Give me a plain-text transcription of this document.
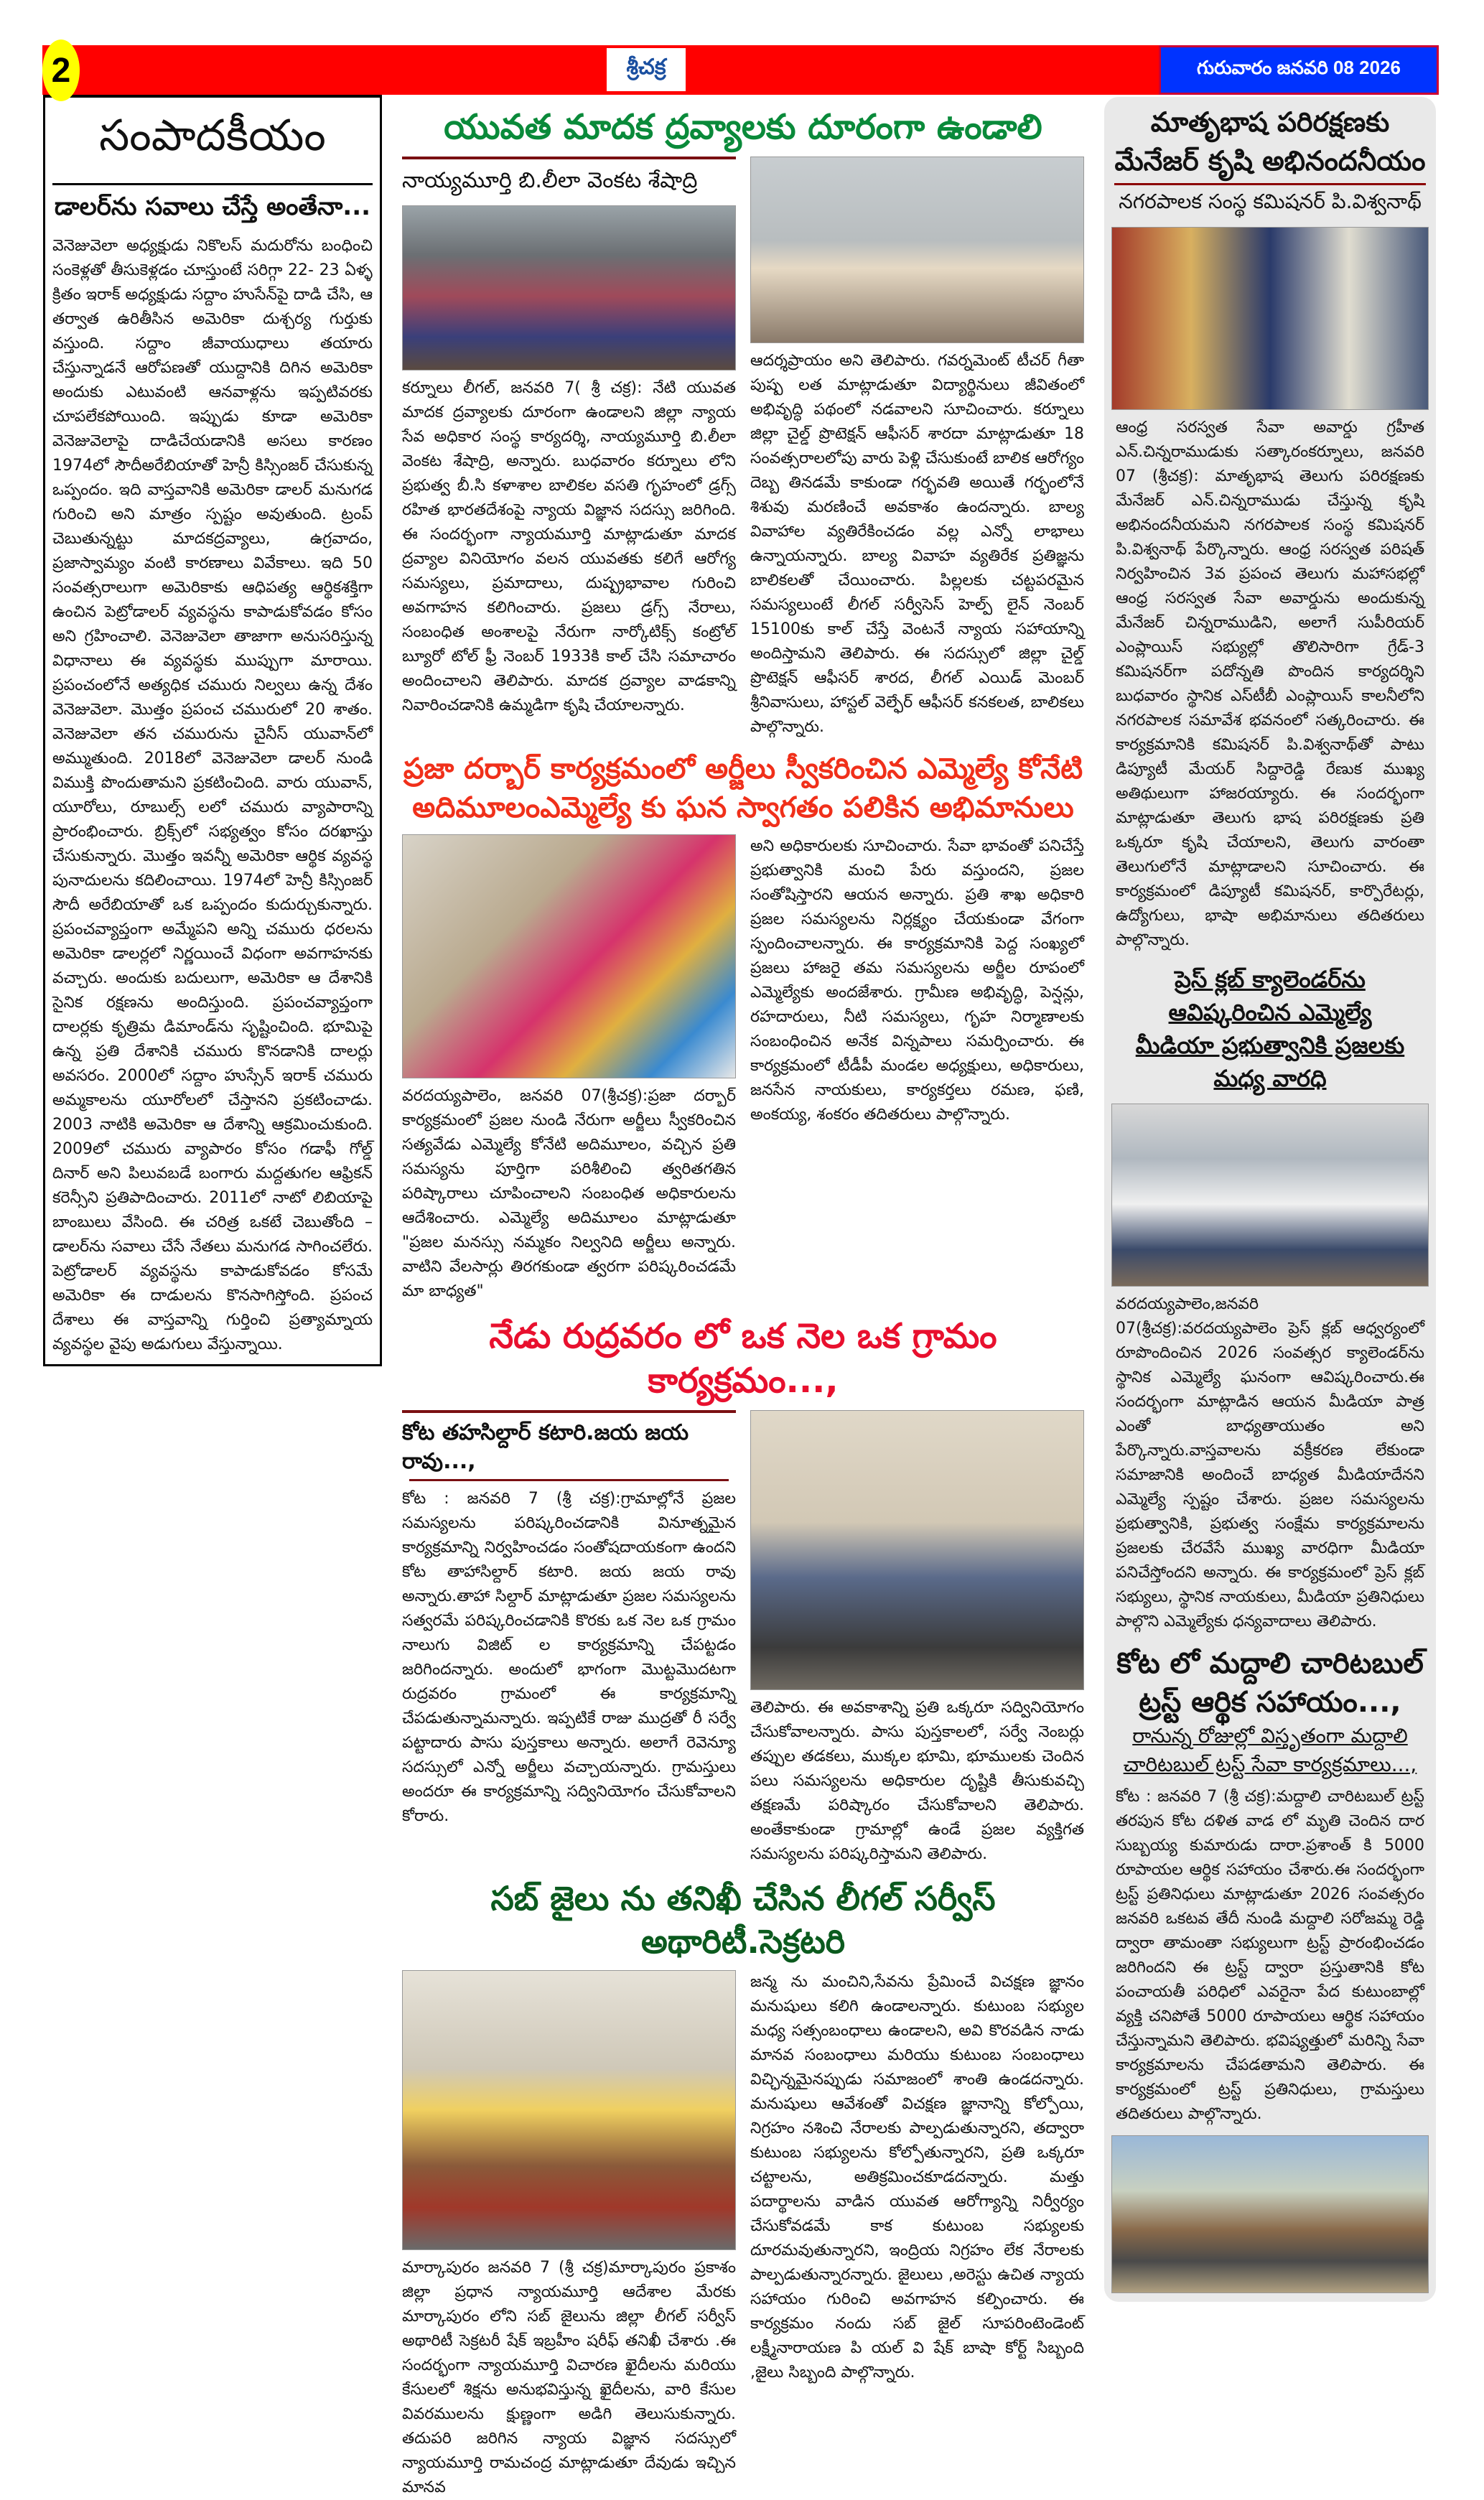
2	శ్రీచక్ర	గురువారం జనవరి 08 2026
సంపాదకీయం
డాలర్‌ను సవాలు చేస్తే అంతేనా...
వెనెజువెలా అధ్యక్షుడు నికొలస్ మదురోను బంధించి సంకెళ్లతో తీసుకెళ్లడం చూస్తుంటే సరిగ్గా 22- 23 ఏళ్ళ క్రితం ఇరాక్ అధ్యక్షుడు సద్దాం హుసేన్‌పై దాడి చేసి, ఆ తర్వాత ఉరితీసిన అమెరికా దుశ్చర్య గుర్తుకు వస్తుంది. సద్దాం జీవాయుధాలు తయారు చేస్తున్నాడనే ఆరోపణతో యుద్దానికి దిగిన అమెరికా అందుకు ఎటువంటి ఆనవాళ్లను ఇప్పటివరకు చూపలేకపోయింది. ఇప్పుడు కూడా అమెరికా వెనెజువెలాపై దాడిచేయడానికి అసలు కారణం 1974లో సౌదీఅరేబియాతో హెన్రీ కిస్సింజర్ చేసుకున్న ఒప్పందం. ఇది వాస్తవానికి అమెరికా డాలర్ మనుగడ గురించి అని మాత్రం స్పష్టం అవుతుంది. ట్రంప్ చెబుతున్నట్టు మాదకద్రవ్యాలు, ఉగ్రవాదం, ప్రజాస్వామ్యం వంటి కారణాలు వివేకాలు. ఇది 50 సంవత్సరాలుగా అమెరికాకు ఆధిపత్య ఆర్థికశక్తిగా ఉంచిన పెట్రోడాలర్ వ్యవస్థను కాపాడుకోవడం కోసం అని గ్రహించాలి. వెనెజువెలా తాజాగా అనుసరిస్తున్న విధానాలు ఈ వ్యవస్థకు ముప్పుగా మారాయి. ప్రపంచంలోనే అత్యధిక చమురు నిల్వలు ఉన్న దేశం వెనెజువెలా. మొత్తం ప్రపంచ చమురులో 20 శాతం. వెనెజువెలా తన చమురును చైనీస్ యువాన్‌లో అమ్ముతుంది. 2018లో వెనెజువెలా డాలర్ నుండి విముక్తి పొందుతామని ప్రకటించింది. వారు యువాన్, యూరోలు, రూబుల్స్ లలో చమురు వ్యాపారాన్ని ప్రారంభించారు. బ్రిక్స్‌లో సభ్యత్వం కోసం దరఖాస్తు చేసుకున్నారు. మొత్తం ఇవన్నీ అమెరికా ఆర్థిక వ్యవస్థ పునాదులను కదిలించాయి. 1974లో హెన్రీ కిస్సింజర్ సౌదీ అరేబియాతో ఒక ఒప్పందం కుదుర్చుకున్నారు. ప్రపంచవ్యాప్తంగా అమ్మేపని అన్ని చమురు ధరలను అమెరికా డాలర్లలో నిర్ణయించే విధంగా అవగాహనకు వచ్చారు. అందుకు బదులుగా, అమెరికా ఆ దేశానికి సైనిక రక్షణను అందిస్తుంది. ప్రపంచవ్యాప్తంగా దాలర్లకు కృత్రిమ డిమాండ్‌ను సృష్టించింది. భూమిపై ఉన్న ప్రతి దేశానికి చమురు కొనడానికి దాలర్లు అవసరం. 2000లో సద్దాం హుస్సేన్ ఇరాక్ చమురు అమ్మకాలను యూరోలలో చేస్తానని ప్రకటించాడు. 2003 నాటికి అమెరికా ఆ దేశాన్ని ఆక్రమించుకుంది. 2009లో చమురు వ్యాపారం కోసం గడాఫీ గోల్డ్ దినార్ అని పిలువబడే బంగారు మద్దతుగల ఆఫ్రికన్ కరెన్సీని ప్రతిపాదించారు. 2011లో నాటో లిబియాపై బాంబులు వేసింది. ఈ చరిత్ర ఒకటే చెబుతోంది – డాలర్‌ను సవాలు చేసే నేతలు మనుగడ సాగించలేరు. పెట్రోడాలర్ వ్యవస్థను కాపాడుకోవడం కోసమే అమెరికా ఈ దాడులను కొనసాగిస్తోంది. ప్రపంచ దేశాలు ఈ వాస్తవాన్ని గుర్తించి ప్రత్యామ్నాయ వ్యవస్థల వైపు అడుగులు వేస్తున్నాయి.
యువత మాదక ద్రవ్యాలకు దూరంగా ఉండాలి
నాయ్యమూర్తి బి.లీలా వెంకట శేషాద్రి
కర్నూలు లీగల్, జనవరి 7( శ్రీ చక్ర): నేటి యువత మాదక ద్రవ్యాలకు దూరంగా ఉండాలని జిల్లా న్యాయ సేవ అధికార సంస్థ కార్యదర్శి, నాయ్యమూర్తి బి.లీలా వెంకట శేషాద్రి, అన్నారు. బుధవారం కర్నూలు లోని ప్రభుత్వ బీ.సి కళాశాల బాలికల వసతి గృహంలో డ్రగ్స్ రహిత భారతదేశంపై న్యాయ విజ్ఞాన సదస్సు జరిగింది. ఈ సందర్భంగా న్యాయమూర్తి మాట్లాడుతూ మాదక ద్రవ్యాల వినియోగం వలన యువతకు కలిగే ఆరోగ్య సమస్యలు, ప్రమాదాలు, దుష్ప్రభావాల గురించి అవగాహన కలిగించారు. ప్రజలు డ్రగ్స్ నేరాలు, సంబంధిత అంశాలపై నేరుగా నార్కోటిక్స్ కంట్రోల్ బ్యూరో టోల్ ఫ్రీ నెంబర్ 1933కి కాల్ చేసి సమాచారం అందించాలని తెలిపారు. మాదక ద్రవ్యాల వాడకాన్ని నివారించడానికి ఉమ్మడిగా కృషి చేయాలన్నారు.
ఆదర్శప్రాయం అని తెలిపారు. గవర్నమెంట్ టీచర్ గీతా పుష్ప లత మాట్లాడుతూ విద్యార్థినులు జీవితంలో అభివృద్ధి పథంలో నడవాలని సూచించారు. కర్నూలు జిల్లా చైల్డ్ ప్రొటెక్షన్ ఆఫీసర్ శారదా మాట్లాడుతూ 18 సంవత్సరాలలోపు వారు పెళ్లి చేసుకుంటే బాలిక ఆరోగ్యం దెబ్బ తినడమే కాకుండా గర్భవతి అయితే గర్భంలోనే శిశువు మరణించే అవకాశం ఉందన్నారు. బాల్య వివాహాల వ్యతిరేకించడం వల్ల ఎన్నో లాభాలు ఉన్నాయన్నారు. బాల్య వివాహ వ్యతిరేక ప్రతిజ్ఞను బాలికలతో చేయించారు. పిల్లలకు చట్టపరమైన సమస్యలుంటే లీగల్ సర్వీసెస్ హెల్ప్ లైన్ నెంబర్ 15100కు కాల్ చేస్తే వెంటనే న్యాయ సహాయాన్ని అందిస్తామని తెలిపారు. ఈ సదస్సులో జిల్లా చైల్డ్ ప్రొటెక్షన్ ఆఫీసర్ శారద, లీగల్ ఎయిడ్ మెంబర్ శ్రీనివాసులు, హాస్టల్ వెల్ఫేర్ ఆఫీసర్ కనకలత, బాలికలు పాల్గొన్నారు.
ప్రజా దర్బార్ కార్యక్రమంలో అర్జీలు స్వీకరించిన ఎమ్మెల్యే కోనేటి
అదిమూలంఎమ్మెల్యే కు ఘన స్వాగతం పలికిన అభిమానులు
వరదయ్యపాలెం, జనవరి 07(శ్రీచక్ర):ప్రజా దర్బార్ కార్యక్రమంలో ప్రజల నుండి నేరుగా అర్జీలు స్వీకరించిన సత్యవేడు ఎమ్మెల్యే కోనేటి అదిమూలం, వచ్చిన ప్రతి సమస్యను పూర్తిగా పరిశీలించి త్వరితగతిన పరిష్కారాలు చూపించాలని సంబంధిత అధికారులను ఆదేశించారు. ఎమ్మెల్యే అదిమూలం మాట్లాడుతూ "ప్రజల మనస్సు నమ్మకం నిల్వనిది అర్జీలు అన్నారు. వాటిని వేలసార్లు తిరగకుండా త్వరగా పరిష్కరించడమే మా బాధ్యత"
అని అధికారులకు సూచించారు. సేవా భావంతో పనిచేస్తే ప్రభుత్వానికి మంచి పేరు వస్తుందని, ప్రజల సంతోషిస్తారని ఆయన అన్నారు. ప్రతి శాఖ అధికారి ప్రజల సమస్యలను నిర్లక్ష్యం చేయకుండా వేగంగా స్పందించాలన్నారు. ఈ కార్యక్రమానికి పెద్ద సంఖ్యలో ప్రజలు హాజరై తమ సమస్యలను అర్జీల రూపంలో ఎమ్మెల్యేకు అందజేశారు. గ్రామీణ అభివృద్ధి, పెన్షన్లు, రహదారులు, నీటి సమస్యలు, గృహ నిర్మాణాలకు సంబంధించిన అనేక విన్నపాలు సమర్పించారు. ఈ కార్యక్రమంలో టీడీపీ మండల అధ్యక్షులు, అధికారులు, జనసేన నాయకులు, కార్యకర్తలు రమణ, ఫణి, అంకయ్య, శంకరం తదితరులు పాల్గొన్నారు.
నేడు రుద్రవరం లో ఒక నెల ఒక గ్రామం కార్యక్రమం...,
కోట తహసిల్దార్ కటారి.జయ జయ రావు...,
కోట : జనవరి 7 (శ్రీ చక్ర):గ్రామాల్లోనే ప్రజల సమస్యలను పరిష్కరించడానికి వినూత్నమైన కార్యక్రమాన్ని నిర్వహించడం సంతోషదాయకంగా ఉందని కోట తాహాసిల్దార్ కటారి. జయ జయ రావు అన్నారు.తాహా సిల్దార్ మాట్లాడుతూ ప్రజల సమస్యలను సత్వరమే పరిష్కరించడానికి కొరకు ఒక నెల ఒక గ్రామం నాలుగు విజిట్ ల కార్యక్రమాన్ని చేపట్టడం జరిగిందన్నారు. అందులో భాగంగా మొట్టమొదటగా రుద్రవరం గ్రామంలో ఈ కార్యక్రమాన్ని చేపడుతున్నామన్నారు. ఇప్పటికే రాజు ముద్రతో రీ సర్వే పట్టాదారు పాసు పుస్తకాలు అన్నారు. అలాగే రెవెన్యూ సదస్సులో ఎన్నో అర్జీలు వచ్చాయన్నారు. గ్రామస్తులు అందరూ ఈ కార్యక్రమాన్ని సద్వినియోగం చేసుకోవాలని కోరారు.
తెలిపారు. ఈ అవకాశాన్ని ప్రతి ఒక్కరూ సద్వినియోగం చేసుకోవాలన్నారు. పాసు పుస్తకాలలో, సర్వే నెంబర్లు తప్పుల తడకలు, ముక్కల భూమి, భూములకు చెందిన పలు సమస్యలను అధికారుల దృష్టికి తీసుకువచ్చి తక్షణమే పరిష్కారం చేసుకోవాలని తెలిపారు. అంతేకాకుండా గ్రామాల్లో ఉండే ప్రజల వ్యక్తిగత సమస్యలను పరిష్కరిస్తామని తెలిపారు.
సబ్ జైలు ను తనిఖీ చేసిన లీగల్ సర్వీస్ అథారిటీ.సెక్రటరి
మార్కాపురం జనవరి 7 (శ్రీ చక్ర)మార్కాపురం ప్రకాశం జిల్లా ప్రధాన న్యాయమూర్తి ఆదేశాల మేరకు మార్కాపురం లోని సబ్ జైలును జిల్లా లీగల్ సర్వీస్ అథారిటీ సెక్రటరీ షేక్ ఇబ్రహీం షరీఫ్ తనిఖీ చేశారు .ఈ సందర్భంగా న్యాయమూర్తి విచారణ ఖైదీలను మరియు కేసులలో శిక్షను అనుభవిస్తున్న ఖైదీలను, వారి కేసుల వివరములను క్షుణ్ణంగా అడిగి తెలుసుకున్నారు. తదుపరి జరిగిన న్యాయ విజ్ఞాన సదస్సులో న్యాయమూర్తి రామచంద్ర మాట్లాడుతూ దేవుడు ఇచ్చిన మానవ
జన్మ ను మంచిని,సేవను ప్రేమించే విచక్షణ జ్ఞానం మనుషులు కలిగి ఉండాలన్నారు. కుటుంబ సభ్యుల మధ్య సత్సంబంధాలు ఉండాలని, అవి కొరవడిన నాడు మానవ సంబంధాలు మరియు కుటుంబ సంబంధాలు విచ్ఛిన్నమైనప్పుడు సమాజంలో శాంతి ఉండదన్నారు. మనుషులు ఆవేశంతో విచక్షణ జ్ఞానాన్ని కోల్పోయి, నిగ్రహం నశించి నేరాలకు పాల్పడుతున్నారని, తద్వారా కుటుంబ సభ్యులను కోల్పోతున్నారని, ప్రతి ఒక్కరూ చట్టాలను, అతిక్రమించకూడదన్నారు. మత్తు పదార్థాలను వాడిన యువత ఆరోగ్యాన్ని నిర్వీర్యం చేసుకోవడమే కాక కుటుంబ సభ్యులకు దూరమవుతున్నారని, ఇంద్రియ నిగ్రహం లేక నేరాలకు పాల్పడుతున్నారన్నారు. జైలులు ,అరెస్టు ఉచిత న్యాయ సహాయం గురించి అవగాహన కల్పించారు. ఈ కార్యక్రమం నందు సబ్ జైల్ సూపరింటెండెంట్ లక్ష్మీనారాయణ పి యల్ వి షేక్ బాషా కోర్ట్ సిబ్బంది ,జైలు సిబ్బంది పాల్గొన్నారు.
మాతృభాష పరిరక్షణకు మేనేజర్ కృషి అభినందనీయం
నగరపాలక సంస్థ కమిషనర్ పి.విశ్వనాథ్
ఆంధ్ర సరస్వత సేవా అవార్డు గ్రహీత ఎన్.చిన్నరాముడుకు సత్కారంకర్నూలు, జనవరి 07 (శ్రీచక్ర): మాతృభాష తెలుగు పరిరక్షణకు మేనేజర్ ఎన్.చిన్నరాముడు చేస్తున్న కృషి అభినందనీయమని నగరపాలక సంస్థ కమిషనర్ పి.విశ్వనాథ్ పేర్కొన్నారు. ఆంధ్ర సరస్వత పరిషత్ నిర్వహించిన 3వ ప్రపంచ తెలుగు మహాసభల్లో ఆంధ్ర సరస్వత సేవా అవార్డును అందుకున్న మేనేజర్ చిన్నరాముడిని, అలాగే సుపీరియర్ ఎంప్లాయిస్ సభ్యుల్లో తొలిసారిగా గ్రేడ్-3 కమిషనర్‌గా పదోన్నతి పొందిన కార్యదర్శిని బుధవారం స్థానిక ఎస్‌టీబీ ఎంప్లాయిస్ కాలనీలోని నగరపాలక సమావేశ భవనంలో సత్కరించారు. ఈ కార్యక్రమానికి కమిషనర్ పి.విశ్వనాథ్‌తో పాటు డిప్యూటీ మేయర్ సిద్దారెడ్డి రేణుక ముఖ్య అతిథులుగా హాజరయ్యారు. ఈ సందర్భంగా మాట్లాడుతూ తెలుగు భాష పరిరక్షణకు ప్రతి ఒక్కరూ కృషి చేయాలని, తెలుగు వారంతా తెలుగులోనే మాట్లాడాలని సూచించారు. ఈ కార్యక్రమంలో డిప్యూటీ కమిషనర్, కార్పొరేటర్లు, ఉద్యోగులు, భాషా అభిమానులు తదితరులు పాల్గొన్నారు.
ప్రెస్ క్లబ్ క్యాలెండర్‌ను ఆవిష్కరించిన ఎమ్మెల్యే
మీడియా ప్రభుత్వానికి ప్రజలకు మధ్య వారధి
వరదయ్యపాలెం,జనవరి 07(శ్రీచక్ర):వరదయ్యపాలెం ప్రెస్ క్లబ్ ఆధ్వర్యంలో రూపొందించిన 2026 సంవత్సర క్యాలెండర్‌ను స్థానిక ఎమ్మెల్యే ఘనంగా ఆవిష్కరించారు.ఈ సందర్భంగా మాట్లాడిన ఆయన మీడియా పాత్ర ఎంతో బాధ్యతాయుతం అని పేర్కొన్నారు.వాస్తవాలను వక్రీకరణ లేకుండా సమాజానికి అందించే బాధ్యత మీడియాదేనని ఎమ్మెల్యే స్పష్టం చేశారు. ప్రజల సమస్యలను ప్రభుత్వానికి, ప్రభుత్వ సంక్షేమ కార్యక్రమాలను ప్రజలకు చేరవేసే ముఖ్య వారధిగా మీడియా పనిచేస్తోందని అన్నారు. ఈ కార్యక్రమంలో ప్రెస్ క్లబ్ సభ్యులు, స్థానిక నాయకులు, మీడియా ప్రతినిధులు పాల్గొని ఎమ్మెల్యేకు ధన్యవాదాలు తెలిపారు.
కోట లో మద్దాలి చారిటబుల్
ట్రస్ట్ ఆర్థిక సహాయం...,
రానున్న రోజుల్లో విస్తృతంగా మద్దాలి
చారిటబుల్ ట్రస్ట్ సేవా కార్యక్రమాలు...,
కోట : జనవరి 7 (శ్రీ చక్ర):మద్దాలి చారిటబుల్ ట్రస్ట్ తరపున కోట దళిత వాడ లో మృతి చెందిన దార సుబ్బయ్య కుమారుడు దారా.ప్రశాంత్ కి 5000 రూపాయల ఆర్థిక సహాయం చేశారు.ఈ సందర్భంగా ట్రస్ట్ ప్రతినిధులు మాట్లాడుతూ 2026 సంవత్సరం జనవరి ఒకటవ తేదీ నుండి మద్దాలి సరోజమ్మ రెడ్డి ద్వారా తామంతా సభ్యులుగా ట్రస్ట్ ప్రారంభించడం జరిగిందని ఈ ట్రస్ట్ ద్వారా ప్రస్తుతానికి కోట పంచాయతీ పరిధిలో ఎవరైనా పేద కుటుంబాల్లో వ్యక్తి చనిపోతే 5000 రూపాయలు ఆర్థిక సహాయం చేస్తున్నామని తెలిపారు. భవిష్యత్తులో మరిన్ని సేవా కార్యక్రమాలను చేపడతామని తెలిపారు. ఈ కార్యక్రమంలో ట్రస్ట్ ప్రతినిధులు, గ్రామస్తులు తదితరులు పాల్గొన్నారు.
